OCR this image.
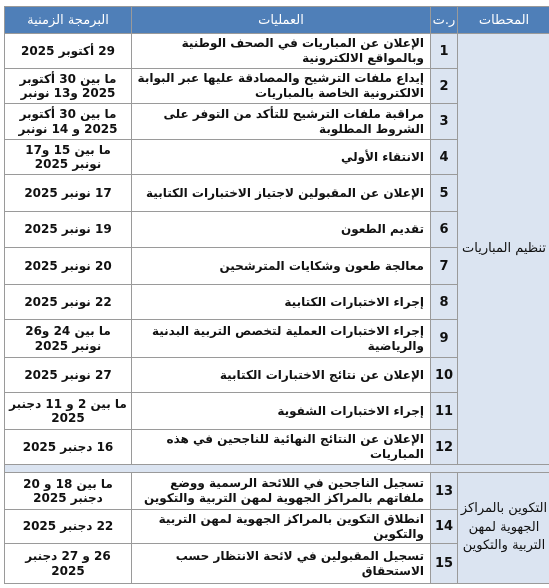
المحطات	ر.ت	العمليات	البرمجة الزمنية
تنظيم المباريات	1	الإعلان عن المباريات في الصحف الوطنية وبالمواقع الالكترونية	29 أكتوبر 2025
	2	إيداع ملفات الترشيح والمصادقة عليها عبر البوابة الالكترونية الخاصة بالمباريات	ما بين 30 أكتوبر 2025 و13 نونبر
	3	مراقبة ملفات الترشيح للتأكد من التوفر على الشروط المطلوبة	ما بين 30 أكتوبر 2025 و 14 نونبر
	4	الانتقاء الأولي	ما بين 15 و17 نونبر 2025
	5	الإعلان عن المقبولين لاجتياز الاختبارات الكتابية	17 نونبر 2025
	6	تقديم الطعون	19 نونبر 2025
	7	معالجة طعون وشكايات المترشحين	20 نونبر 2025
	8	إجراء الاختبارات الكتابية	22 نونبر 2025
	9	إجراء الاختبارات العملية لتخصص التربية البدنية والرياضية	ما بين 24 و26 نونبر 2025
	10	الإعلان عن نتائج الاختبارات الكتابية	27 نونبر 2025
	11	إجراء الاختبارات الشفوية	ما بين 2 و 11 دجنبر 2025
	12	الإعلان عن النتائج النهائية للناجحين في هذه المباريات	16 دجنبر 2025

التكوين بالمراكز الجهوية لمهن التربية والتكوين	13	تسجيل الناجحين في اللائحة الرسمية ووضع ملفاتهم بالمراكز الجهوية لمهن التربية والتكوين	ما بين 18 و 20 دجنبر 2025
	14	انطلاق التكوين بالمراكز الجهوية لمهن التربية والتكوين	22 دجنبر 2025
	15	تسجيل المقبولين في لائحة الانتظار حسب الاستحقاق	26 و 27 دجنبر 2025
